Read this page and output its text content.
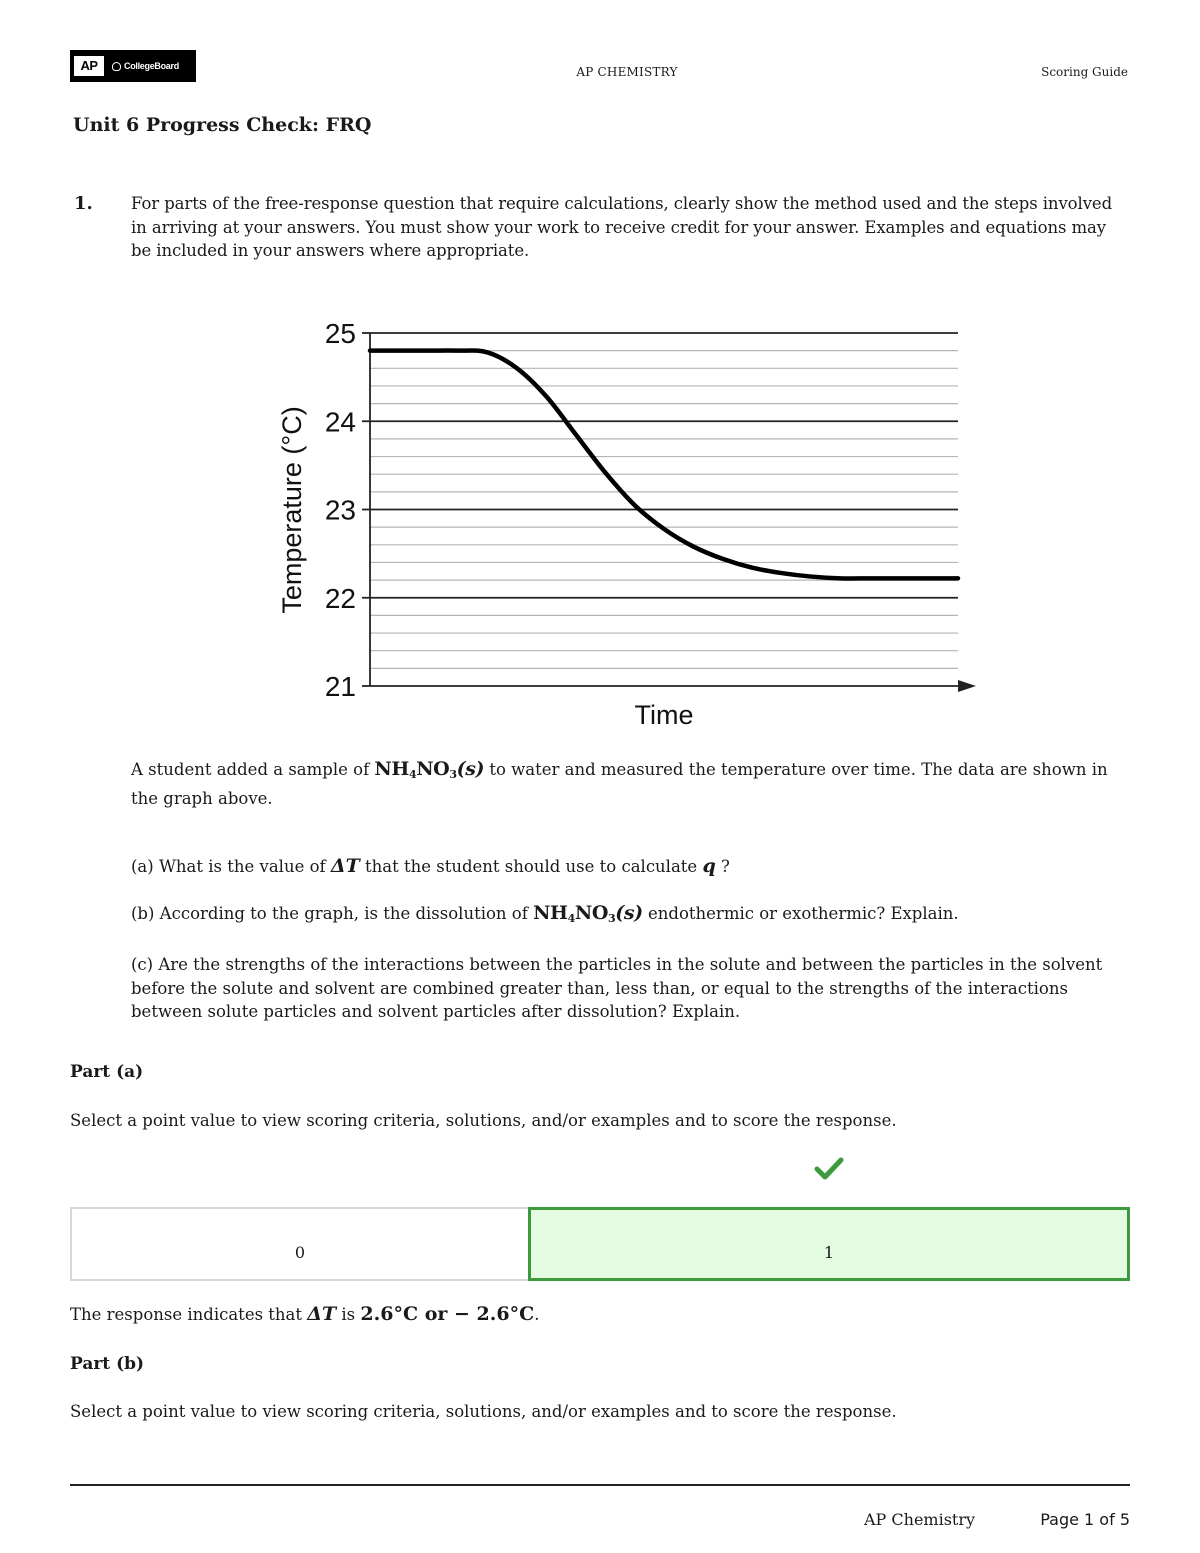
AP	CollegeBoard	AP CHEMISTRY	Scoring Guide
Unit 6 Progress Check: FRQ
1. For parts of the free-response question that require calculations, clearly show the method used and the steps involved in arriving at your answers. You must show your work to receive credit for your answer. Examples and equations may be included in your answers where appropriate.

21
22
23
24
25
Time
Temperature (°C)

A student added a sample of $NH_4NO_3(s)$ to water and measured the temperature over time. The data are shown in the graph above.

(a) What is the value of ΔT that the student should use to calculate q ?

(b) According to the graph, is the dissolution of $NH_4NO_3(s)$ endothermic or exothermic? Explain.

(c) Are the strengths of the interactions between the particles in the solute and between the particles in the solvent before the solute and solvent are combined greater than, less than, or equal to the strengths of the interactions between solute particles and solvent particles after dissolution? Explain.

Part (a)

Select a point value to view scoring criteria, solutions, and/or examples and to score the response.

0	1

The response indicates that ΔT is 2.6°C or − 2.6°C.

Part (b)

Select a point value to view scoring criteria, solutions, and/or examples and to score the response.

AP Chemistry	Page 1 of 5
